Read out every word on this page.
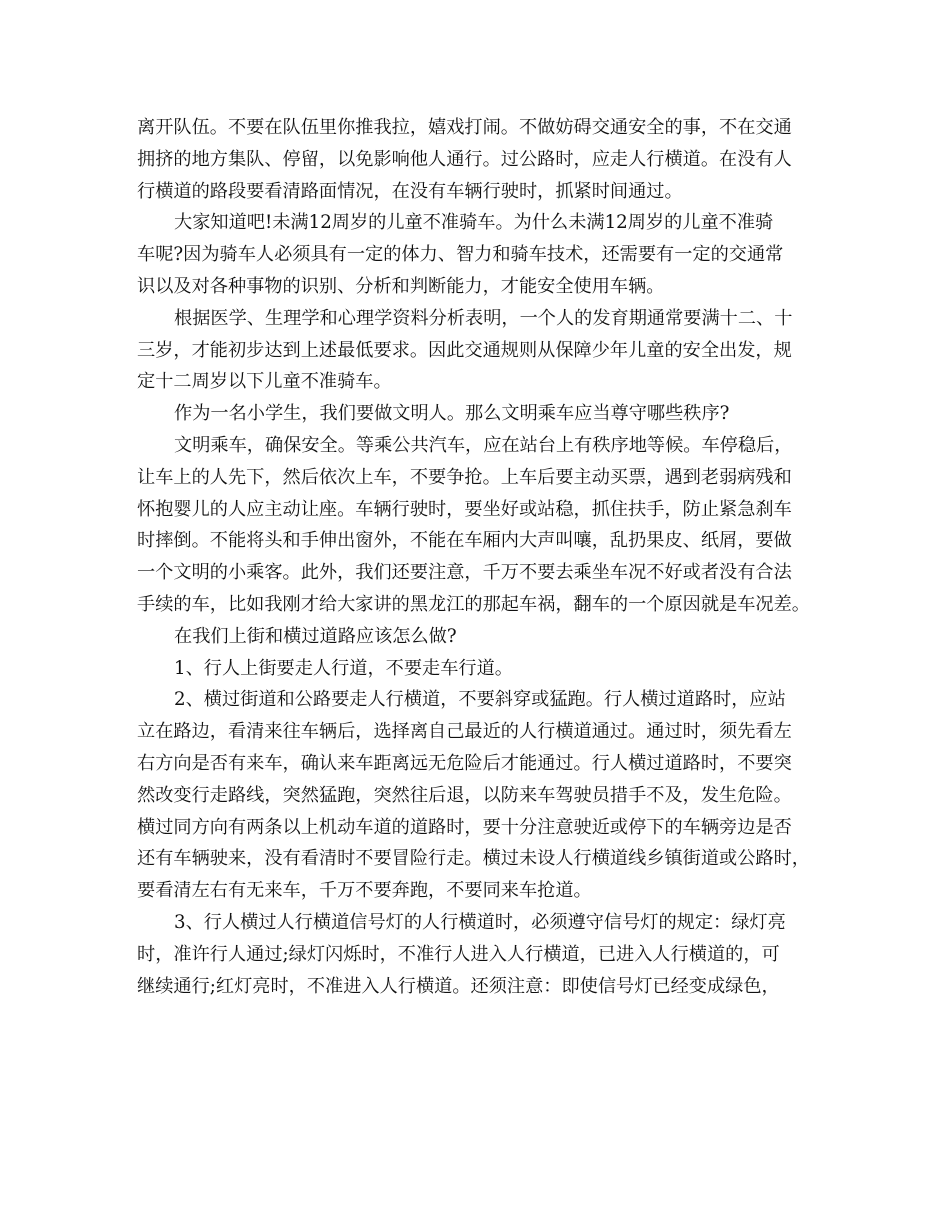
离开队伍。不要在队伍里你推我拉，嬉戏打闹。不做妨碍交通安全的事，不在交通
拥挤的地方集队、停留，以免影响他人通行。过公路时，应走人行横道。在没有人
行横道的路段要看清路面情况，在没有车辆行驶时，抓紧时间通过。
大家知道吧!未满12周岁的儿童不准骑车。为什么未满12周岁的儿童不准骑
车呢?因为骑车人必须具有一定的体力、智力和骑车技术，还需要有一定的交通常
识以及对各种事物的识别、分析和判断能力，才能安全使用车辆。
根据医学、生理学和心理学资料分析表明，一个人的发育期通常要满十二、十
三岁，才能初步达到上述最低要求。因此交通规则从保障少年儿童的安全出发，规
定十二周岁以下儿童不准骑车。
作为一名小学生，我们要做文明人。那么文明乘车应当尊守哪些秩序?
文明乘车，确保安全。等乘公共汽车，应在站台上有秩序地等候。车停稳后，
让车上的人先下，然后依次上车，不要争抢。上车后要主动买票，遇到老弱病残和
怀抱婴儿的人应主动让座。车辆行驶时，要坐好或站稳，抓住扶手，防止紧急刹车
时摔倒。不能将头和手伸出窗外，不能在车厢内大声叫嚷，乱扔果皮、纸屑，要做
一个文明的小乘客。此外，我们还要注意，千万不要去乘坐车况不好或者没有合法
手续的车，比如我刚才给大家讲的黑龙江的那起车祸，翻车的一个原因就是车况差。
在我们上街和横过道路应该怎么做?
1、行人上街要走人行道，不要走车行道。
2、横过街道和公路要走人行横道，不要斜穿或猛跑。行人横过道路时，应站
立在路边，看清来往车辆后，选择离自己最近的人行横道通过。通过时，须先看左
右方向是否有来车，确认来车距离远无危险后才能通过。行人横过道路时，不要突
然改变行走路线，突然猛跑，突然往后退，以防来车驾驶员措手不及，发生危险。
横过同方向有两条以上机动车道的道路时，要十分注意驶近或停下的车辆旁边是否
还有车辆驶来，没有看清时不要冒险行走。横过未设人行横道线乡镇街道或公路时，
要看清左右有无来车，千万不要奔跑，不要同来车抢道。
3、行人横过人行横道信号灯的人行横道时，必须遵守信号灯的规定：绿灯亮
时，准许行人通过;绿灯闪烁时，不准行人进入人行横道，已进入人行横道的，可
继续通行;红灯亮时，不准进入人行横道。还须注意：即使信号灯已经变成绿色，
